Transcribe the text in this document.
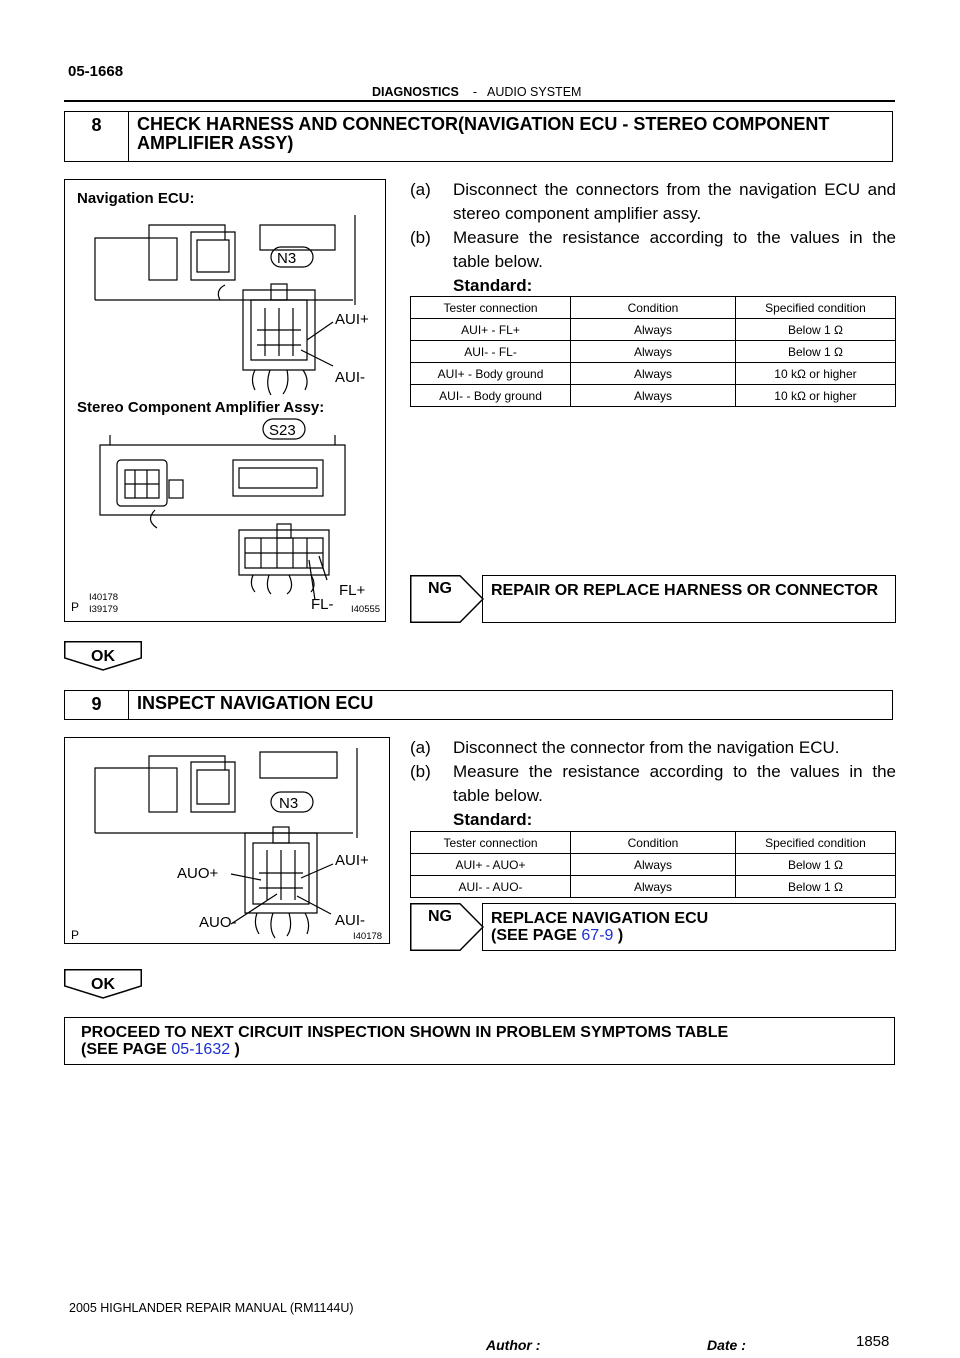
05-1668
DIAGNOSTICS - AUDIO SYSTEM
8	CHECK HARNESS AND CONNECTOR(NAVIGATION ECU - STEREO COMPONENT
AMPLIFIER ASSY)
Navigation ECU:
N3
AUI+
AUI-
Stereo Component Amplifier Assy:
S23
FL+
FL-
I40178
I39179
P	I40555
(a)	Disconnect the connectors from the navigation ECU and stereo component amplifier assy.
(b)	Measure the resistance according to the values in the table below.
Standard:
Tester connection	Condition	Specified condition
AUI+ - FL+	Always	Below 1 Ω
AUI- - FL-	Always	Below 1 Ω
AUI+ - Body ground	Always	10 kΩ or higher
AUI- - Body ground	Always	10 kΩ or higher
NG	REPAIR OR REPLACE HARNESS OR CONNECTOR
OK
9	INSPECT NAVIGATION ECU
N3
AUO+
AUI+
AUO-	AUI-
P	I40178
(a)	Disconnect the connector from the navigation ECU.
(b)	Measure the resistance according to the values in the table below.
Standard:
Tester connection	Condition	Specified condition
AUI+ - AUO+	Always	Below 1 Ω
AUI- - AUO-	Always	Below 1 Ω
NG REPLACE NAVIGATION ECU
(SEE PAGE 67-9 )
OK
PROCEED TO NEXT CIRCUIT INSPECTION SHOWN IN PROBLEM SYMPTOMS TABLE
(SEE PAGE 05-1632 )
2005 HIGHLANDER REPAIR MANUAL (RM1144U)
Author :	Date :	1858
